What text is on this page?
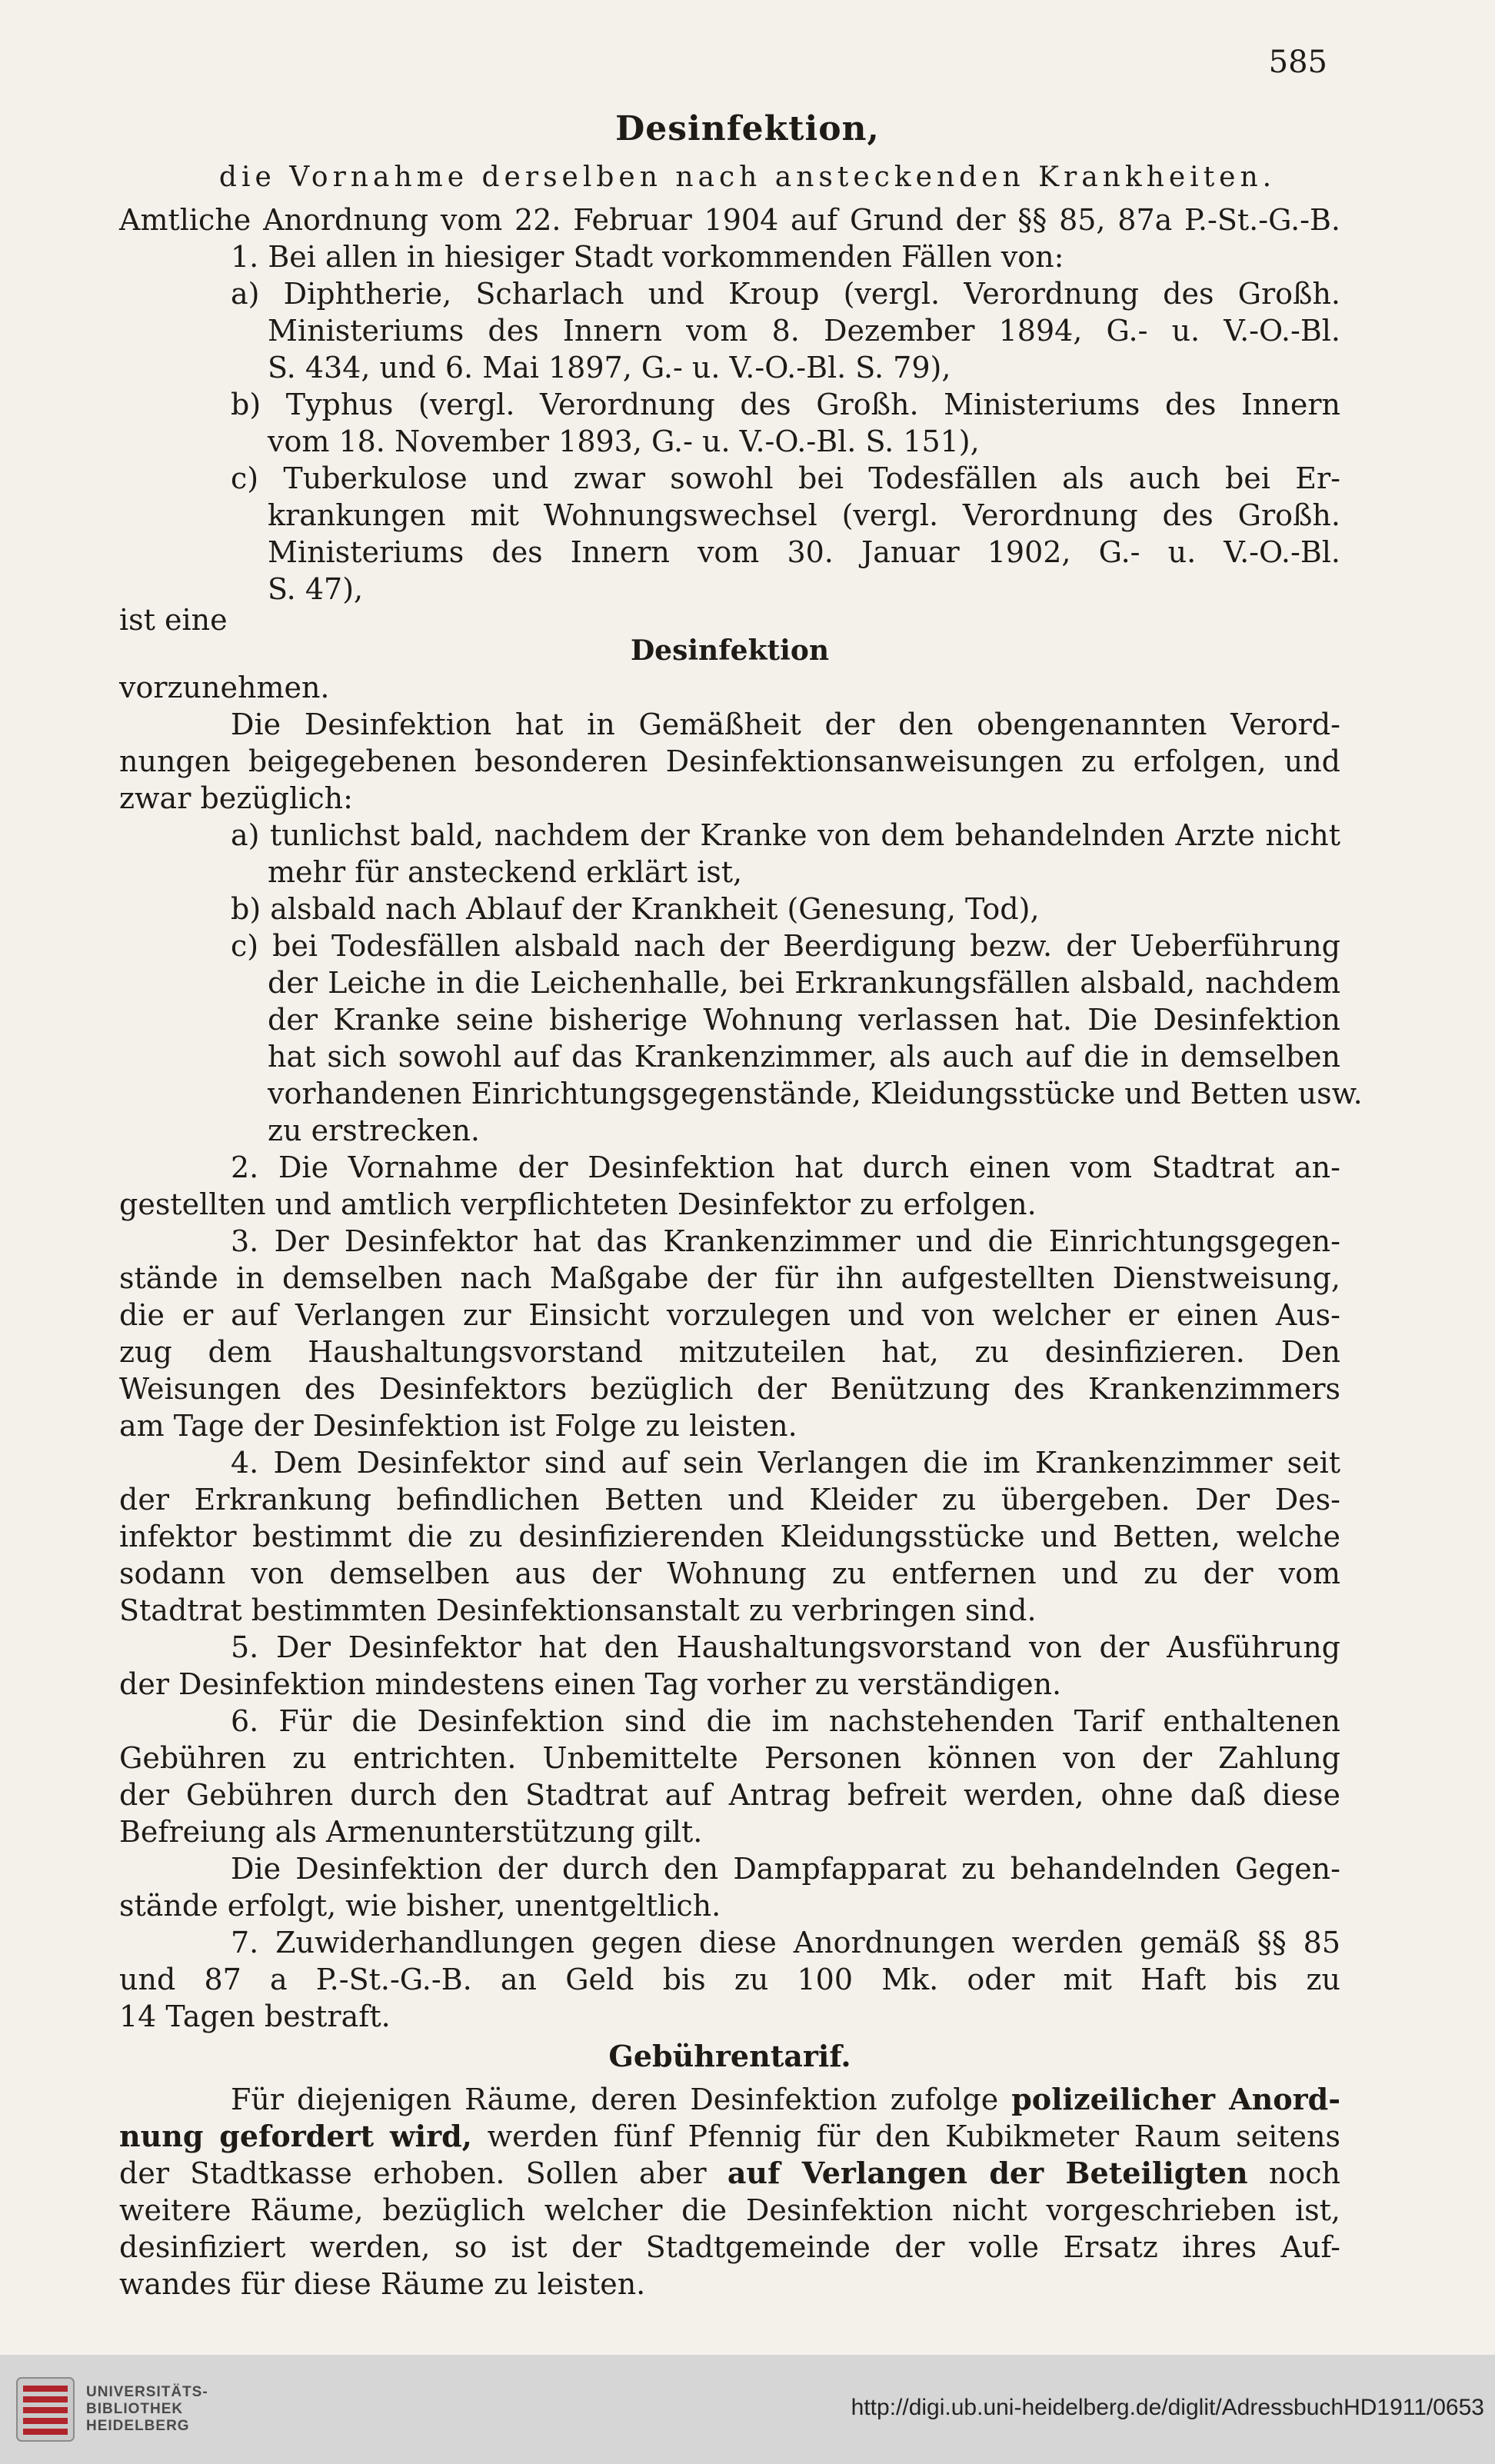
585
Desinfektion,
die Vornahme derselben nach ansteckenden Krankheiten.
Amtliche Anordnung vom 22. Februar 1904 auf Grund der §§ 85, 87a P.-St.-G.-B.
1. Bei allen in hiesiger Stadt vorkommenden Fällen von:
a) Diphtherie, Scharlach und Kroup (vergl. Verordnung des Großh.
Ministeriums des Innern vom 8. Dezember 1894, G.- u. V.-O.-Bl.
S. 434, und 6. Mai 1897, G.- u. V.-O.-Bl. S. 79),
b) Typhus (vergl. Verordnung des Großh. Ministeriums des Innern
vom 18. November 1893, G.- u. V.-O.-Bl. S. 151),
c) Tuberkulose und zwar sowohl bei Todesfällen als auch bei Er-
krankungen mit Wohnungswechsel (vergl. Verordnung des Großh.
Ministeriums des Innern vom 30. Januar 1902, G.- u. V.-O.-Bl.
S. 47),
ist eine
Desinfektion
vorzunehmen.
Die Desinfektion hat in Gemäßheit der den obengenannten Verord-
nungen beigegebenen besonderen Desinfektionsanweisungen zu erfolgen, und
zwar bezüglich:
a) tunlichst bald, nachdem der Kranke von dem behandelnden Arzte nicht
mehr für ansteckend erklärt ist,
b) alsbald nach Ablauf der Krankheit (Genesung, Tod),
c) bei Todesfällen alsbald nach der Beerdigung bezw. der Ueberführung
der Leiche in die Leichenhalle, bei Erkrankungsfällen alsbald, nachdem
der Kranke seine bisherige Wohnung verlassen hat. Die Desinfektion
hat sich sowohl auf das Krankenzimmer, als auch auf die in demselben
vorhandenen Einrichtungsgegenstände, Kleidungsstücke und Betten usw.
zu erstrecken.
2. Die Vornahme der Desinfektion hat durch einen vom Stadtrat an-
gestellten und amtlich verpflichteten Desinfektor zu erfolgen.
3. Der Desinfektor hat das Krankenzimmer und die Einrichtungsgegen-
stände in demselben nach Maßgabe der für ihn aufgestellten Dienstweisung,
die er auf Verlangen zur Einsicht vorzulegen und von welcher er einen Aus-
zug dem Haushaltungsvorstand mitzuteilen hat, zu desinfizieren. Den
Weisungen des Desinfektors bezüglich der Benützung des Krankenzimmers
am Tage der Desinfektion ist Folge zu leisten.
4. Dem Desinfektor sind auf sein Verlangen die im Krankenzimmer seit
der Erkrankung befindlichen Betten und Kleider zu übergeben. Der Des-
infektor bestimmt die zu desinfizierenden Kleidungsstücke und Betten, welche
sodann von demselben aus der Wohnung zu entfernen und zu der vom
Stadtrat bestimmten Desinfektionsanstalt zu verbringen sind.
5. Der Desinfektor hat den Haushaltungsvorstand von der Ausführung
der Desinfektion mindestens einen Tag vorher zu verständigen.
6. Für die Desinfektion sind die im nachstehenden Tarif enthaltenen
Gebühren zu entrichten. Unbemittelte Personen können von der Zahlung
der Gebühren durch den Stadtrat auf Antrag befreit werden, ohne daß diese
Befreiung als Armenunterstützung gilt.
Die Desinfektion der durch den Dampfapparat zu behandelnden Gegen-
stände erfolgt, wie bisher, unentgeltlich.
7. Zuwiderhandlungen gegen diese Anordnungen werden gemäß §§ 85
und 87 a P.-St.-G.-B. an Geld bis zu 100 Mk. oder mit Haft bis zu
14 Tagen bestraft.
Gebührentarif.
Für diejenigen Räume, deren Desinfektion zufolge polizeilicher Anord-
nung gefordert wird, werden fünf Pfennig für den Kubikmeter Raum seitens
der Stadtkasse erhoben. Sollen aber auf Verlangen der Beteiligten noch
weitere Räume, bezüglich welcher die Desinfektion nicht vorgeschrieben ist,
desinfiziert werden, so ist der Stadtgemeinde der volle Ersatz ihres Auf-
wandes für diese Räume zu leisten.
UNIVERSITÄTS-
BIBLIOTHEK
HEIDELBERG
http://digi.ub.uni-heidelberg.de/diglit/AdressbuchHD1911/0653
